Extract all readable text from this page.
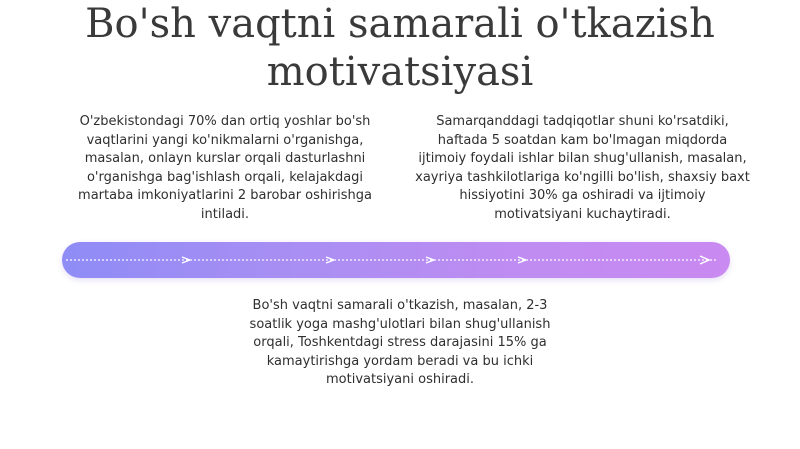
Bo'sh vaqtni samarali o'tkazish motivatsiyasi

O'zbekistondagi 70% dan ortiq yoshlar bo'sh vaqtlarini yangi ko'nikmalarni o'rganishga, masalan, onlayn kurslar orqali dasturlashni o'rganishga bag'ishlash orqali, kelajakdagi martaba imkoniyatlarini 2 barobar oshirishga intiladi.

Samarqanddagi tadqiqotlar shuni ko'rsatdiki, haftada 5 soatdan kam bo'lmagan miqdorda ijtimoiy foydali ishlar bilan shug'ullanish, masalan, xayriya tashkilotlariga ko'ngilli bo'lish, shaxsiy baxt hissiyotini 30% ga oshiradi va ijtimoiy motivatsiyani kuchaytiradi.

Bo'sh vaqtni samarali o'tkazish, masalan, 2-3 soatlik yoga mashg'ulotlari bilan shug'ullanish orqali, Toshkentdagi stress darajasini 15% ga kamaytirishga yordam beradi va bu ichki motivatsiyani oshiradi.
